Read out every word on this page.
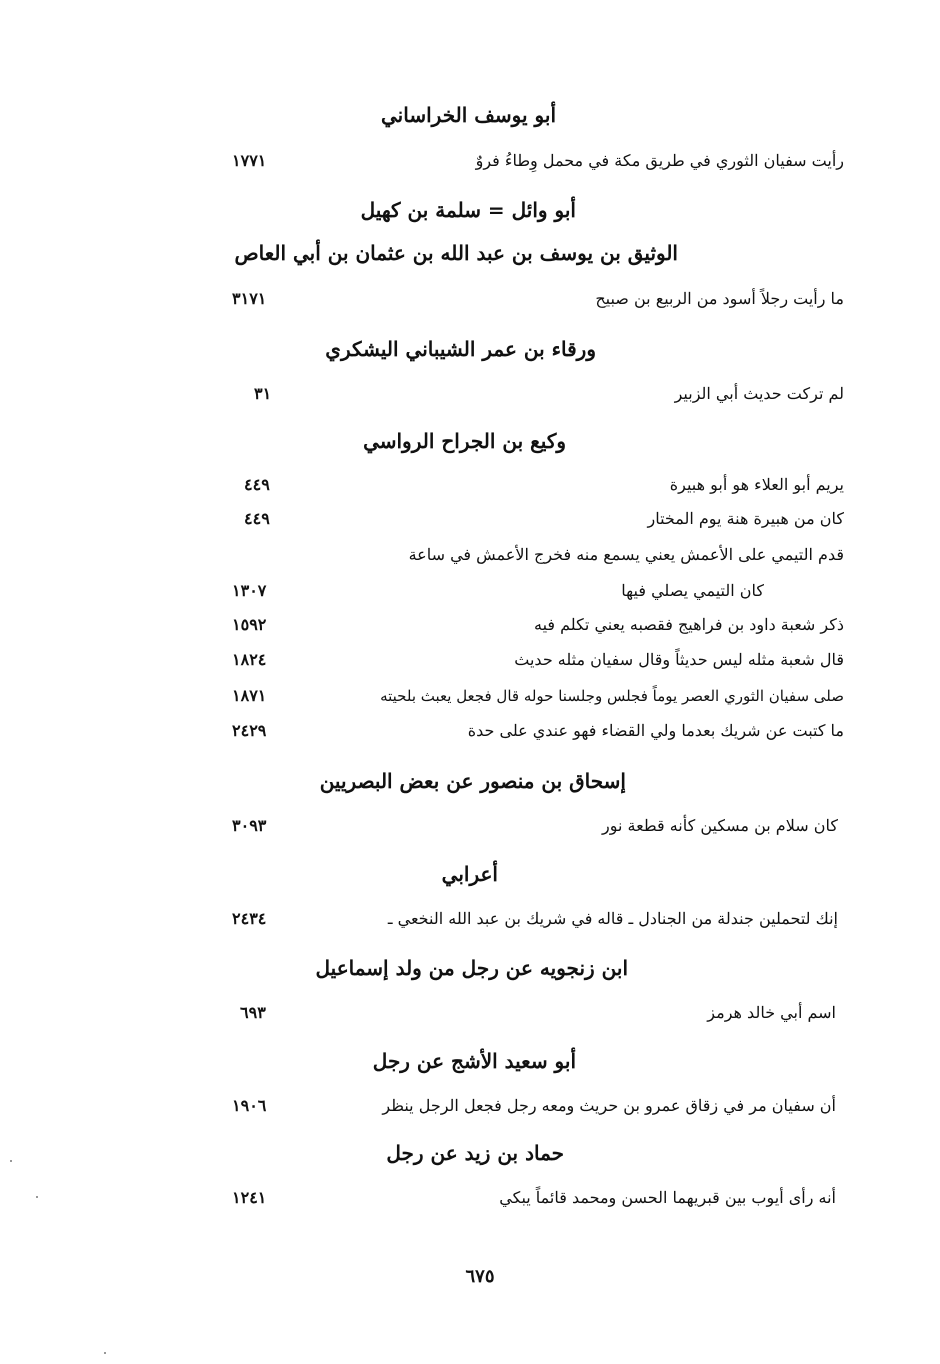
أبو يوسف الخراساني
رأيت سفيان الثوري في طريق مكة في محمل وِطاءُ فروٌ
١٧٧١
أبو وائل = سلمة بن كهيل
الوثيق بن يوسف بن عبد الله بن عثمان بن أبي العاص
ما رأيت رجلاً أسود من الربيع بن صبيح
٣١٧١
ورقاء بن عمر الشيباني اليشكري
لم تركت حديث أبي الزبير
٣١
وكيع بن الجراح الرواسي
يريم أبو العلاء هو أبو هبيرة
٤٤٩
كان من هبيرة هنة يوم المختار
٤٤٩
قدم التيمي على الأعمش يعني يسمع منه فخرج الأعمش في ساعة
كان التيمي يصلي فيها
١٣٠٧
ذكر شعبة داود بن فراهيج فقصبه يعني تكلم فيه
١٥٩٢
قال شعبة مثله ليس حديثاً وقال سفيان مثله حديث
١٨٢٤
صلى سفيان الثوري العصر يوماً فجلس وجلسنا حوله قال فجعل يعبث بلحيته
١٨٧١
ما كتبت عن شريك بعدما ولي القضاء فهو عندي على حدة
٢٤٢٩
إسحاق بن منصور عن بعض البصريين
كان سلام بن مسكين كأنه قطعة نور
٣٠٩٣
أعرابي
إنك لتحملين جندلة من الجنادل ـ قاله في شريك بن عبد الله النخعي ـ
٢٤٣٤
ابن زنجويه عن رجل من ولد إسماعيل
اسم أبي خالد هرمز
٦٩٣
أبو سعيد الأشج عن رجل
أن سفيان مر في زقاق عمرو بن حريث ومعه رجل فجعل الرجل ينظر
١٩٠٦
حماد بن زيد عن رجل
أنه رأى أيوب بين قبريهما الحسن ومحمد قائماً يبكي
١٢٤١
٦٧٥
